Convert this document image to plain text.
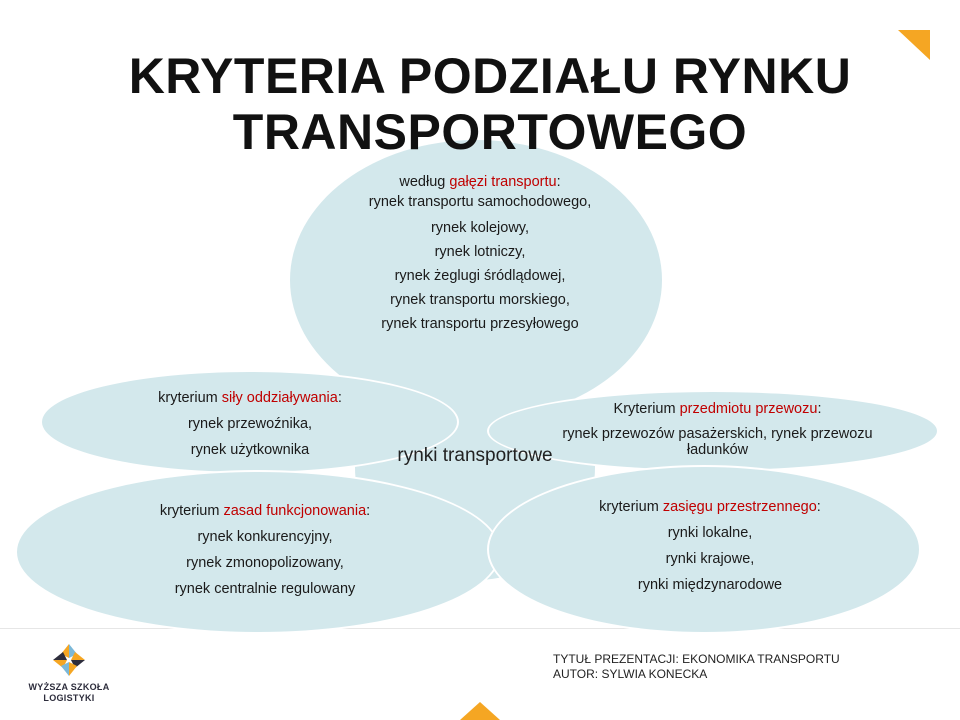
KRYTERIA PODZIAŁU RYNKU TRANSPORTOWEGO
rynki transportowe
według gałęzi transportu:
rynek transportu samochodowego,
rynek kolejowy,
rynek lotniczy,
rynek żeglugi śródlądowej,
rynek transportu morskiego,
rynek transportu przesyłowego
kryterium siły oddziaływania:
rynek przewoźnika,
rynek użytkownika
Kryterium przedmiotu przewozu:
rynek przewozów pasażerskich, rynek przewozu ładunków
kryterium zasad funkcjonowania:
rynek konkurencyjny,
rynek zmonopolizowany,
rynek centralnie regulowany
kryterium zasięgu przestrzennego:
rynki lokalne,
rynki krajowe,
rynki międzynarodowe
WYŻSZA SZKOŁA
LOGISTYKI
TYTUŁ PREZENTACJI: EKONOMIKA TRANSPORTU
AUTOR: SYLWIA KONECKA
